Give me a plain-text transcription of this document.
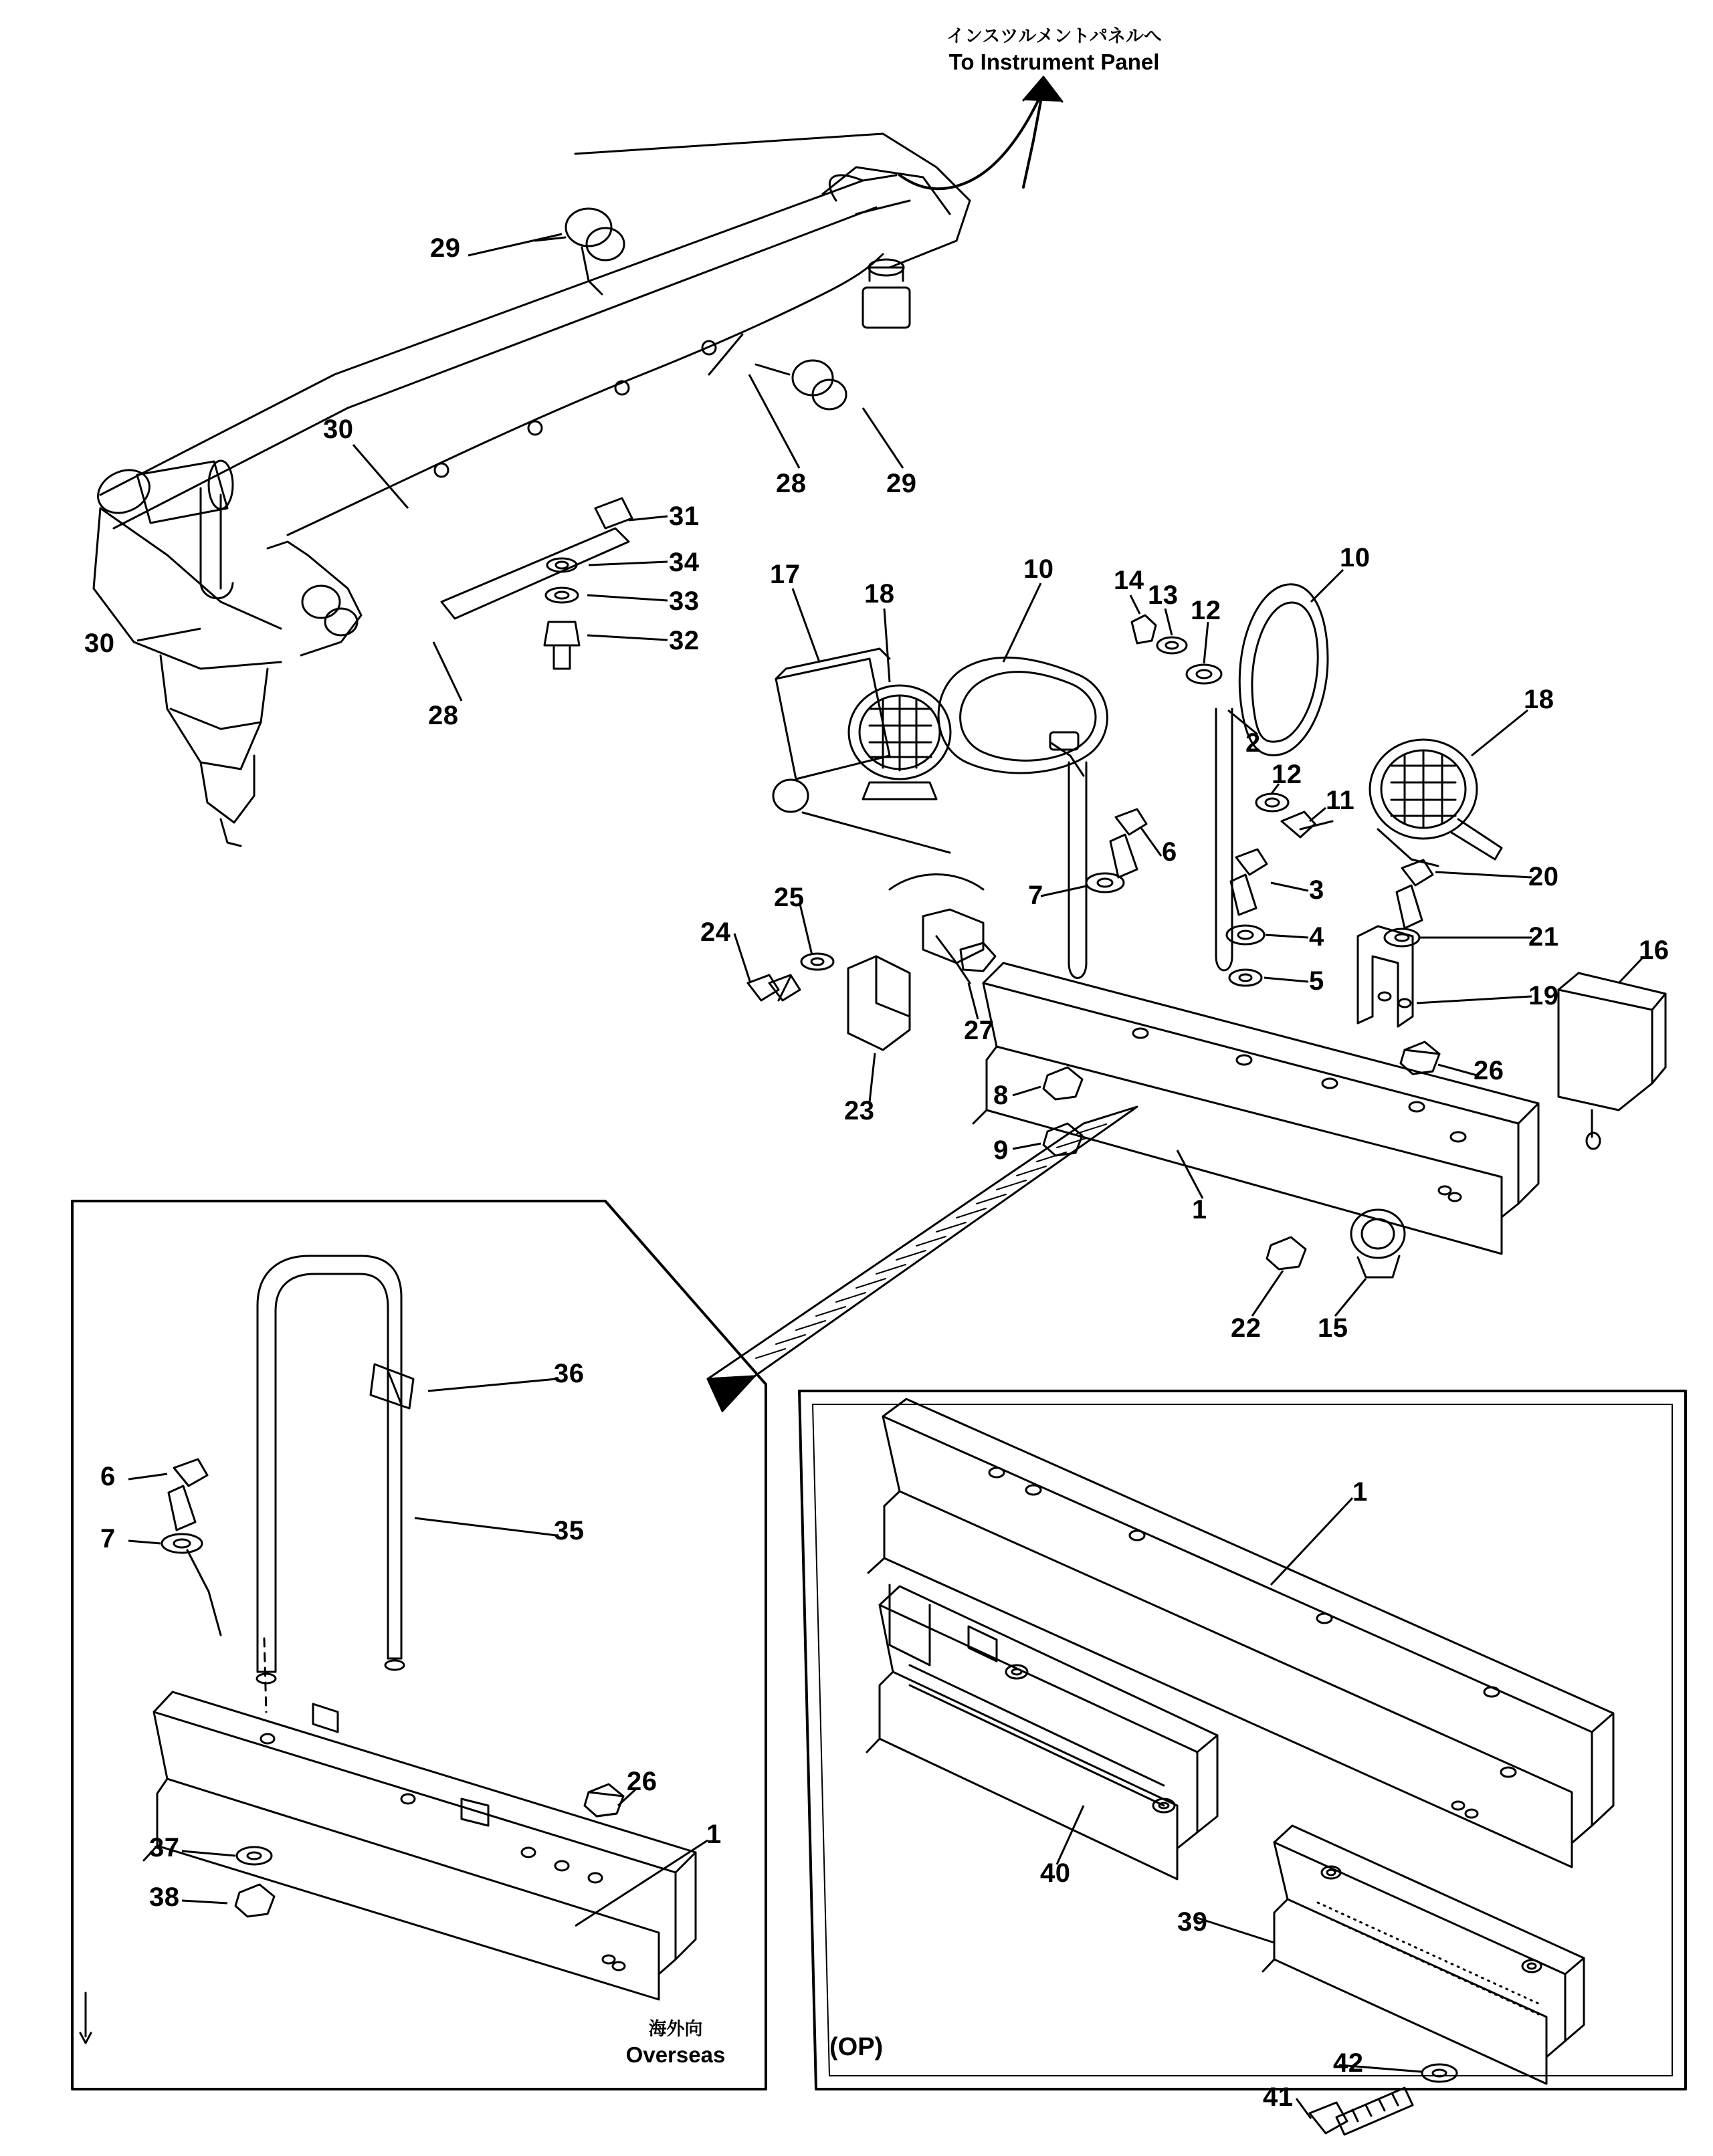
インスツルメントパネルへ
To Instrument Panel
海外向
Overseas	(OP)
29
30
30
28	29
28
31
34
33
32
17
18
10 14 13
12
10
18
2
12
11
6
7	3
4
5
20
21
19
16
24
25
27
23
8
9
26
1
22 15
36
35
6
7
26
1
37
38
1
40
39
42
41
